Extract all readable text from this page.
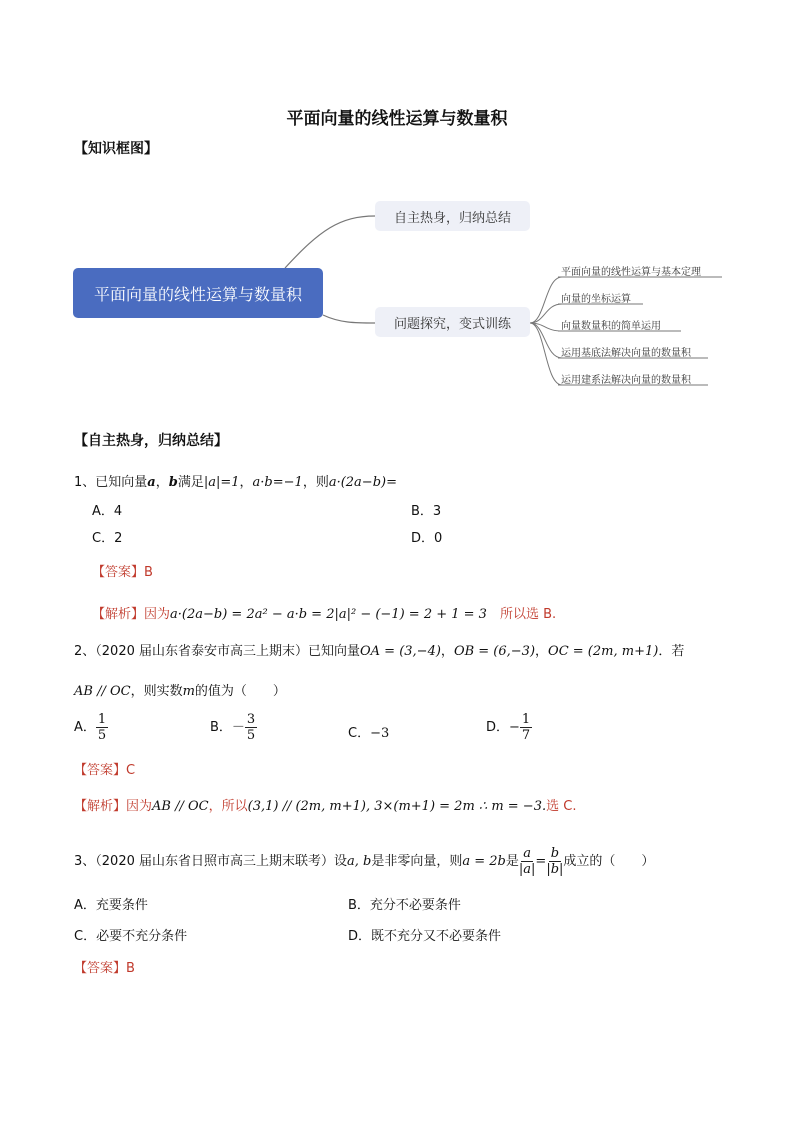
平面向量的线性运算与数量积
【知识框图】
平面向量的线性运算与数量积
自主热身，归纳总结
问题探究，变式训练
平面向量的线性运算与基本定理
向量的坐标运算
向量数量积的简单运用
运用基底法解决向量的数量积
运用建系法解决向量的数量积
【自主热身，归纳总结】
1、已知向量a，b满足|a|=1，a·b=−1，则a·(2a−b)=
A．4	B．3
C．2	D．0
【答案】B
【解析】因为a·(2a−b) = 2a² − a·b = 2|a|² − (−1) = 2 + 1 = 3　 所以选 B.
2、（2020 届山东省泰安市高三上期末）已知向量OA = (3,−4)，OB = (6,−3)，OC = (2m, m+1)．若
AB // OC，则实数m的值为（　　）
A． $\frac{1}{5}$	B．－ $\frac{3}{5}$	C．−3	D．− $\frac{1}{7}$
【答案】C
【解析】因为AB // OC，所以(3,1) // (2m, m+1), 3×(m+1) = 2m ∴ m = −3.选 C.
3、（2020 届山东省日照市高三上期末联考）设a, b是非零向量，则a = 2b是 $\frac{a}{|a|} = \frac{b}{|b|}$ 成立的（　　）
A．充要条件	B．充分不必要条件
C．必要不充分条件	D．既不充分又不必要条件
【答案】B
